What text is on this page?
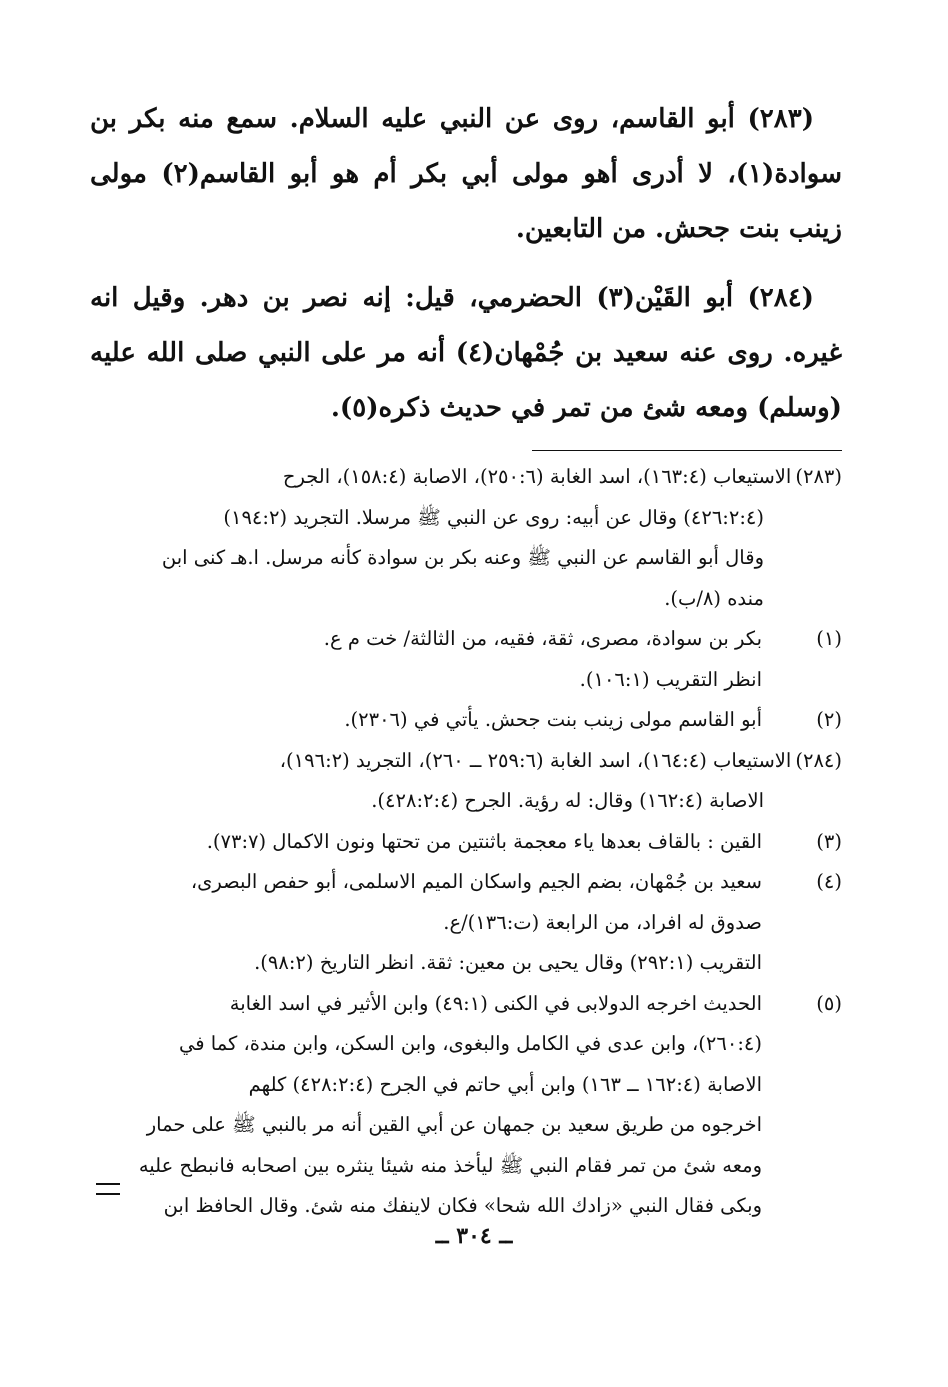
(٢٨٣) أبو القاسم، روى عن النبي عليه السلام. سمع منه بكر بن سوادة(١)، لا أدرى أهو مولى أبي بكر أم هو أبو القاسم(٢) مولى زينب بنت جحش. من التابعين.

(٢٨٤) أبو القَيْن(٣) الحضرمي، قيل: إنه نصر بن دهر. وقيل انه غيره. روى عنه سعيد بن جُمْهان(٤) أنه مر على النبي صلى الله عليه (وسلم) ومعه شئ من تمر في حديث ذكره(٥).

(٢٨٣)
الاستيعاب (١٦٣:٤)، اسد الغابة (٢٥٠:٦)، الاصابة (١٥٨:٤)، الجرح
(٤٢٦:٢:٤) وقال عن أبيه: روى عن النبي ﷺ مرسلا. التجريد (١٩٤:٢)
وقال أبو القاسم عن النبي ﷺ وعنه بكر بن سوادة كأنه مرسل. ا.هـ كنى ابن
منده (٨/ب).
(١)
بكر بن سوادة، مصرى، ثقة، فقيه، من الثالثة/ خت م ع.
انظر التقريب (١٠٦:١).
(٢)
أبو القاسم مولى زينب بنت جحش. يأتي في (٢٣٠٦).
(٢٨٤)
الاستيعاب (١٦٤:٤)، اسد الغابة (٢٥٩:٦ ــ ٢٦٠)، التجريد (١٩٦:٢)،
الاصابة (١٦٢:٤) وقال: له رؤية. الجرح (٤٢٨:٢:٤).
(٣)
القين : بالقاف بعدها ياء معجمة باثنتين من تحتها ونون الاكمال (٧٣:٧).
(٤)
سعيد بن جُمْهان، بضم الجيم واسكان الميم الاسلمى، أبو حفص البصرى،
صدوق له افراد، من الرابعة (ت:١٣٦)/ع.
التقريب (٢٩٢:١) وقال يحيى بن معين: ثقة. انظر التاريخ (٩٨:٢).
(٥)
الحديث اخرجه الدولابى في الكنى (٤٩:١) وابن الأثير في اسد الغابة
(٢٦٠:٤)، وابن عدى في الكامل والبغوى، وابن السكن، وابن مندة، كما في
الاصابة (١٦٢:٤ ــ ١٦٣) وابن أبي حاتم في الجرح (٤٢٨:٢:٤) كلهم
اخرجوه من طريق سعيد بن جمهان عن أبي القين أنه مر بالنبي ﷺ على حمار
ومعه شئ من تمر فقام النبي ﷺ ليأخذ منه شيئا ينثره بين اصحابه فانبطح عليه
وبكى فقال النبي «زادك الله شحا» فكان لاينفك منه شئ. وقال الحافظ ابن
ــ ٣٠٤ ــ
